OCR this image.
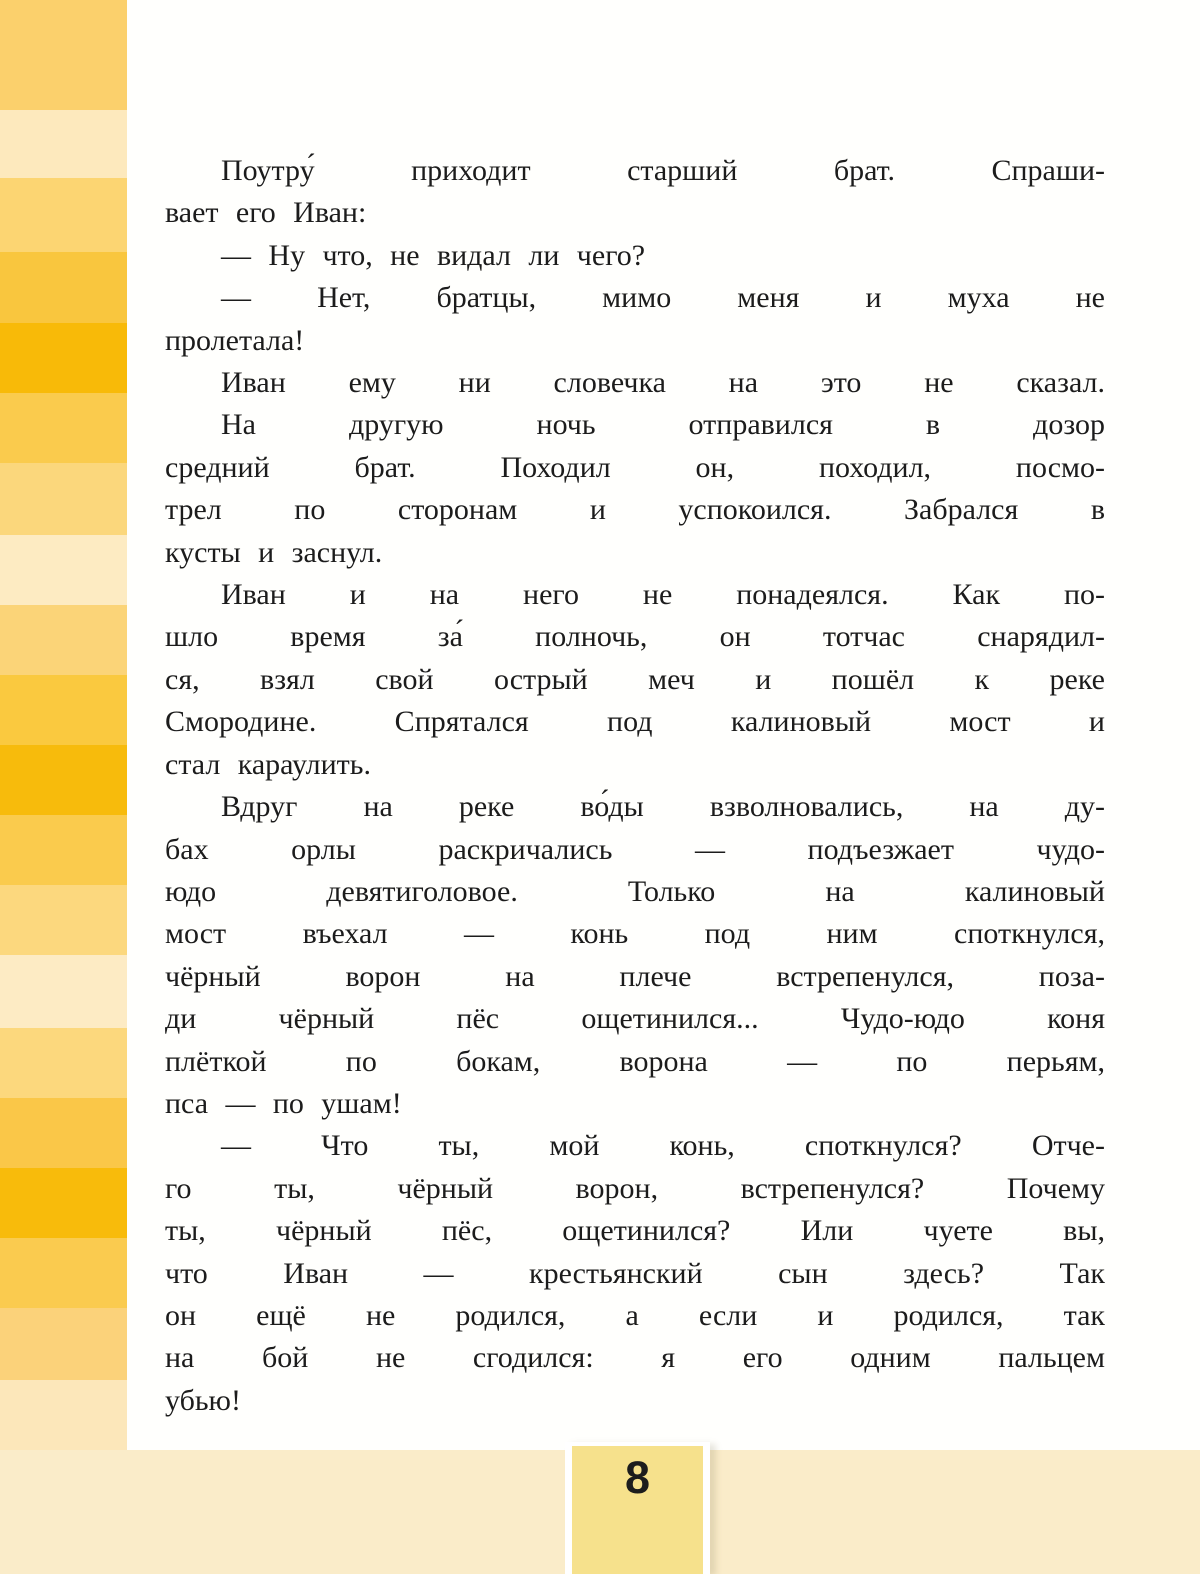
Поутру́ приходит старший брат. Спраши-
вает его Иван:
— Ну что, не видал ли чего?
— Нет, братцы, мимо меня и муха не
пролетала!
Иван ему ни словечка на это не сказал.
На другую ночь отправился в дозор
средний брат. Походил он, походил, посмо-
трел по сторонам и успокоился. Забрался в
кусты и заснул.
Иван и на него не понадеялся. Как по-
шло время за́ полночь, он тотчас снарядил-
ся, взял свой острый меч и пошёл к реке
Смородине. Спрятался под калиновый мост и
стал караулить.
Вдруг на реке во́ды взволновались, на ду-
бах орлы раскричались — подъезжает чудо-
юдо девятиголовое. Только на калиновый
мост въехал — конь под ним споткнулся,
чёрный ворон на плече встрепенулся, поза-
ди чёрный пёс ощетинился... Чудо-юдо коня
плёткой по бокам, ворона — по перьям,
пса — по ушам!
— Что ты, мой конь, споткнулся? Отче-
го ты, чёрный ворон, встрепенулся? Почему
ты, чёрный пёс, ощетинился? Или чуете вы,
что Иван — крестьянский сын здесь? Так
он ещё не родился, а если и родился, так
на бой не сгодился: я его одним пальцем
убью!
8
